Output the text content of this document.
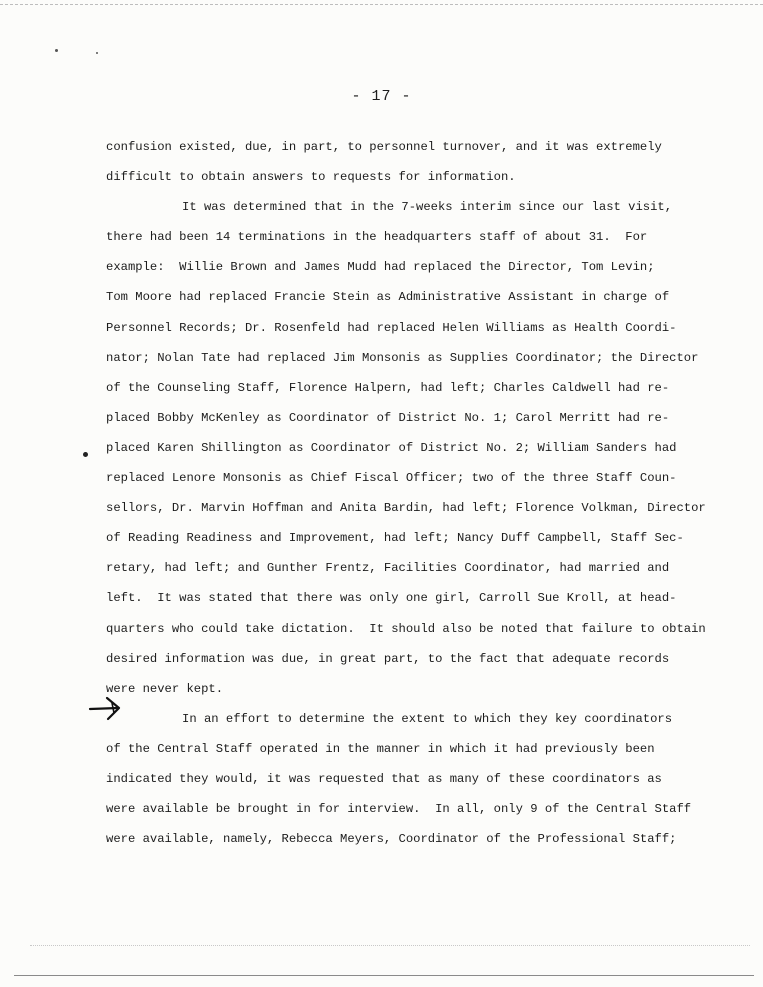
- 17 -
confusion existed, due, in part, to personnel turnover, and it was extremely
difficult to obtain answers to requests for information.
It was determined that in the 7-weeks interim since our last visit,
there had been 14 terminations in the headquarters staff of about 31.  For
example:  Willie Brown and James Mudd had replaced the Director, Tom Levin;
Tom Moore had replaced Francie Stein as Administrative Assistant in charge of
Personnel Records; Dr. Rosenfeld had replaced Helen Williams as Health Coordi-
nator; Nolan Tate had replaced Jim Monsonis as Supplies Coordinator; the Director
of the Counseling Staff, Florence Halpern, had left; Charles Caldwell had re-
placed Bobby McKenley as Coordinator of District No. 1; Carol Merritt had re-
placed Karen Shillington as Coordinator of District No. 2; William Sanders had
replaced Lenore Monsonis as Chief Fiscal Officer; two of the three Staff Coun-
sellors, Dr. Marvin Hoffman and Anita Bardin, had left; Florence Volkman, Director
of Reading Readiness and Improvement, had left; Nancy Duff Campbell, Staff Sec-
retary, had left; and Gunther Frentz, Facilities Coordinator, had married and
left.  It was stated that there was only one girl, Carroll Sue Kroll, at head-
quarters who could take dictation.  It should also be noted that failure to obtain
desired information was due, in great part, to the fact that adequate records
were never kept.
In an effort to determine the extent to which they key coordinators
of the Central Staff operated in the manner in which it had previously been
indicated they would, it was requested that as many of these coordinators as
were available be brought in for interview.  In all, only 9 of the Central Staff
were available, namely, Rebecca Meyers, Coordinator of the Professional Staff;
